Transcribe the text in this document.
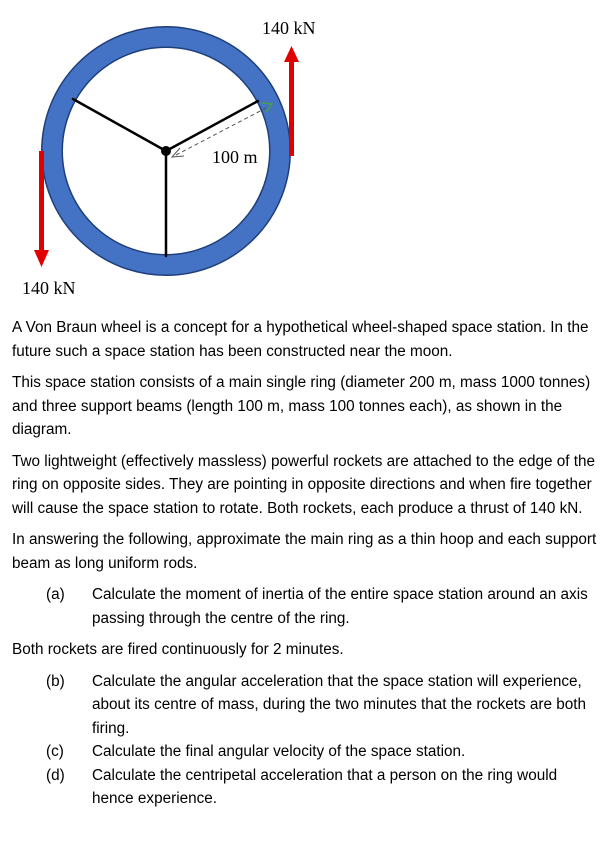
140 kN
140 kN
100 m

A Von Braun wheel is a concept for a hypothetical wheel-shaped space station. In the future such a space station has been constructed near the moon.

This space station consists of a main single ring (diameter 200 m, mass 1000 tonnes) and three support beams (length 100 m, mass 100 tonnes each), as shown in the diagram.

Two lightweight (effectively massless) powerful rockets are attached to the edge of the ring on opposite sides. They are pointing in opposite directions and when fire together will cause the space station to rotate. Both rockets, each produce a thrust of 140 kN.

In answering the following, approximate the main ring as a thin hoop and each support beam as long uniform rods.

(a)	Calculate the moment of inertia of the entire space station around an axis passing through the centre of the ring.

Both rockets are fired continuously for 2 minutes.

(b)	Calculate the angular acceleration that the space station will experience, about its centre of mass, during the two minutes that the rockets are both firing.
(c)	Calculate the final angular velocity of the space station.
(d)	Calculate the centripetal acceleration that a person on the ring would hence experience.
